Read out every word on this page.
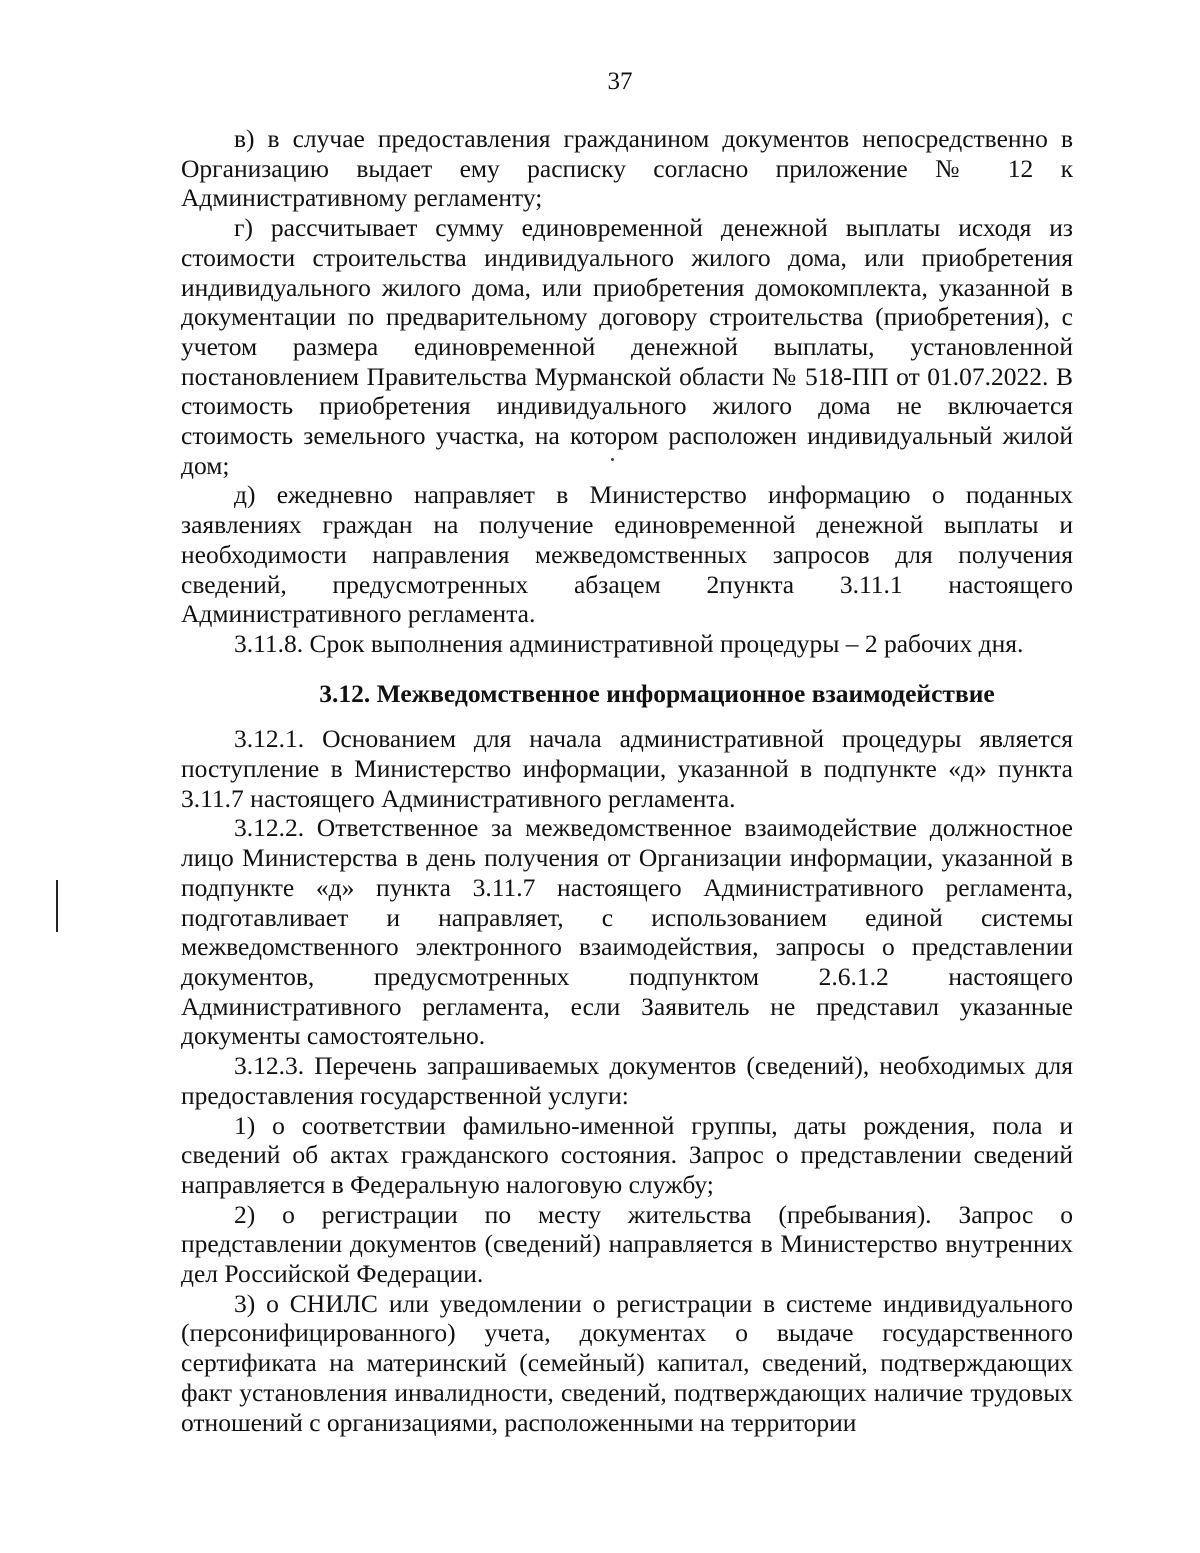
37

в) в случае предоставления гражданином документов непосредственно в Организацию выдает ему расписку согласно приложение № 12 к Административному регламенту;

г) рассчитывает сумму единовременной денежной выплаты исходя из стоимости строительства индивидуального жилого дома, или приобретения индивидуального жилого дома, или приобретения домокомплекта, указанной в документации по предварительному договору строительства (приобретения), с учетом размера единовременной денежной выплаты, установленной постановлением Правительства Мурманской области № 518-ПП от 01.07.2022. В стоимость приобретения индивидуального жилого дома не включается стоимость земельного участка, на котором расположен индивидуальный жилой дом;

д) ежедневно направляет в Министерство информацию о поданных заявлениях граждан на получение единовременной денежной выплаты и необходимости направления межведомственных запросов для получения сведений, предусмотренных абзацем 2пункта 3.11.1 настоящего Административного регламента.

3.11.8. Срок выполнения административной процедуры – 2 рабочих дня.

3.12. Межведомственное информационное взаимодействие

3.12.1. Основанием для начала административной процедуры является поступление в Министерство информации, указанной в подпункте «д» пункта 3.11.7 настоящего Административного регламента.

3.12.2. Ответственное за межведомственное взаимодействие должностное лицо Министерства в день получения от Организации информации, указанной в подпункте «д» пункта 3.11.7 настоящего Административного регламента, подготавливает и направляет, с использованием единой системы межведомственного электронного взаимодействия, запросы о представлении документов, предусмотренных подпунктом 2.6.1.2 настоящего Административного регламента, если Заявитель не представил указанные документы самостоятельно.

3.12.3. Перечень запрашиваемых документов (сведений), необходимых для предоставления государственной услуги:

1) о соответствии фамильно-именной группы, даты рождения, пола и сведений об актах гражданского состояния. Запрос о представлении сведений направляется в Федеральную налоговую службу;

2) о регистрации по месту жительства (пребывания). Запрос о представлении документов (сведений) направляется в Министерство внутренних дел Российской Федерации.

3) о СНИЛС или уведомлении о регистрации в системе индивидуального (персонифицированного) учета, документах о выдаче государственного сертификата на материнский (семейный) капитал, сведений, подтверждающих факт установления инвалидности, сведений, подтверждающих наличие трудовых отношений с организациями, расположенными на территории
